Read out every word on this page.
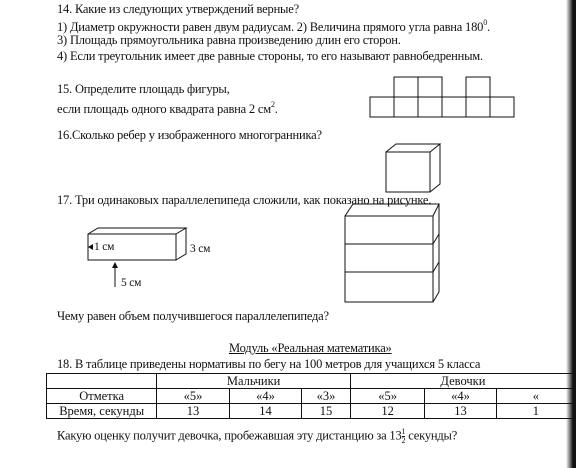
14. Какие из следующих утверждений верные?
1) Диаметр окружности равен двум радиусам. 2) Величина прямого угла равна $180^0$.
3) Площадь прямоугольника равна произведению длин его сторон.
4) Если треугольник имеет две равные стороны, то его называют равнобедренным.
15. Определите площадь фигуры,
если площадь одного квадрата равна 2 $см^2$.
16.Сколько ребер у изображенного многогранника?
17. Три одинаковых параллелепипеда сложили, как показано на рисунке.
1 см	3 см
5 см
Чему равен объем получившегося параллелепипеда?
Модуль «Реальная математика»
18. В таблице приведены нормативы по бегу на 100 метров для учащихся 5 класса
	Мальчики			Девочки		
Отметка	«5»	«4»	«3»	«5»	«4»	«
Время, секунды	13	14	15	12	13	1
Какую оценку получит девочка, пробежавшая эту дистанцию за $13 \frac{1}{2}$ секунды?
